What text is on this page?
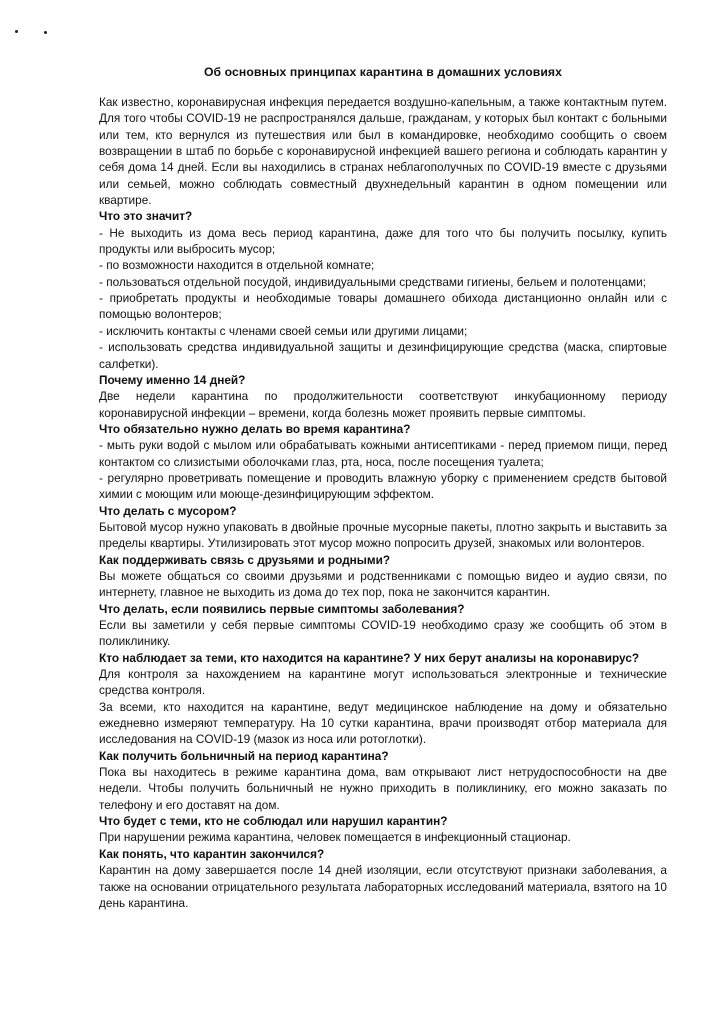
Об основных принципах карантина в домашних условиях

Как известно, коронавирусная инфекция передается воздушно-капельным, а также контактным путем. Для того чтобы COVID-19 не распространялся дальше, гражданам, у которых был контакт с больными или тем, кто вернулся из путешествия или был в командировке, необходимо сообщить о своем возвращении в штаб по борьбе с коронавирусной инфекцией вашего региона и соблюдать карантин у себя дома 14 дней. Если вы находились в странах неблагополучных по COVID-19 вместе с друзьями или семьей, можно соблюдать совместный двухнедельный карантин в одном помещении или квартире.

Что это значит?

- Не выходить из дома весь период карантина, даже для того что бы получить посылку, купить продукты или выбросить мусор;

- по возможности находится в отдельной комнате;

- пользоваться отдельной посудой, индивидуальными средствами гигиены, бельем и полотенцами;

- приобретать продукты и необходимые товары домашнего обихода дистанционно онлайн или с помощью волонтеров;

- исключить контакты с членами своей семьи или другими лицами;

- использовать средства индивидуальной защиты и дезинфицирующие средства (маска, спиртовые салфетки).

Почему именно 14 дней?

Две недели карантина по продолжительности соответствуют инкубационному периоду коронавирусной инфекции – времени, когда болезнь может проявить первые симптомы.

Что обязательно нужно делать во время карантина?

- мыть руки водой с мылом или обрабатывать кожными антисептиками - перед приемом пищи, перед контактом со слизистыми оболочками глаз, рта, носа, после посещения туалета;

- регулярно проветривать помещение и проводить влажную уборку с применением средств бытовой химии с моющим или моюще-дезинфицирующим эффектом.

Что делать с мусором?

Бытовой мусор нужно упаковать в двойные прочные мусорные пакеты, плотно закрыть и выставить за пределы квартиры. Утилизировать этот мусор можно попросить друзей, знакомых или волонтеров.

Как поддерживать связь с друзьями и родными?

Вы можете общаться со своими друзьями и родственниками с помощью видео и аудио связи, по интернету, главное не выходить из дома до тех пор, пока не закончится карантин.

Что делать, если появились первые симптомы заболевания?

Если вы заметили у себя первые симптомы COVID-19 необходимо сразу же сообщить об этом в поликлинику.

Кто наблюдает за теми, кто находится на карантине? У них берут анализы на коронавирус?

Для контроля за нахождением на карантине могут использоваться электронные и технические средства контроля.

За всеми, кто находится на карантине, ведут медицинское наблюдение на дому и обязательно ежедневно измеряют температуру. На 10 сутки карантина, врачи производят отбор материала для исследования на COVID-19 (мазок из носа или ротоглотки).

Как получить больничный на период карантина?

Пока вы находитесь в режиме карантина дома, вам открывают лист нетрудоспособности на две недели. Чтобы получить больничный не нужно приходить в поликлинику, его можно заказать по телефону и его доставят на дом.

Что будет с теми, кто не соблюдал или нарушил карантин?

При нарушении режима карантина, человек помещается в инфекционный стационар.

Как понять, что карантин закончился?

Карантин на дому завершается после 14 дней изоляции, если отсутствуют признаки заболевания, а также на основании отрицательного результата лабораторных исследований материала, взятого на 10 день карантина.
